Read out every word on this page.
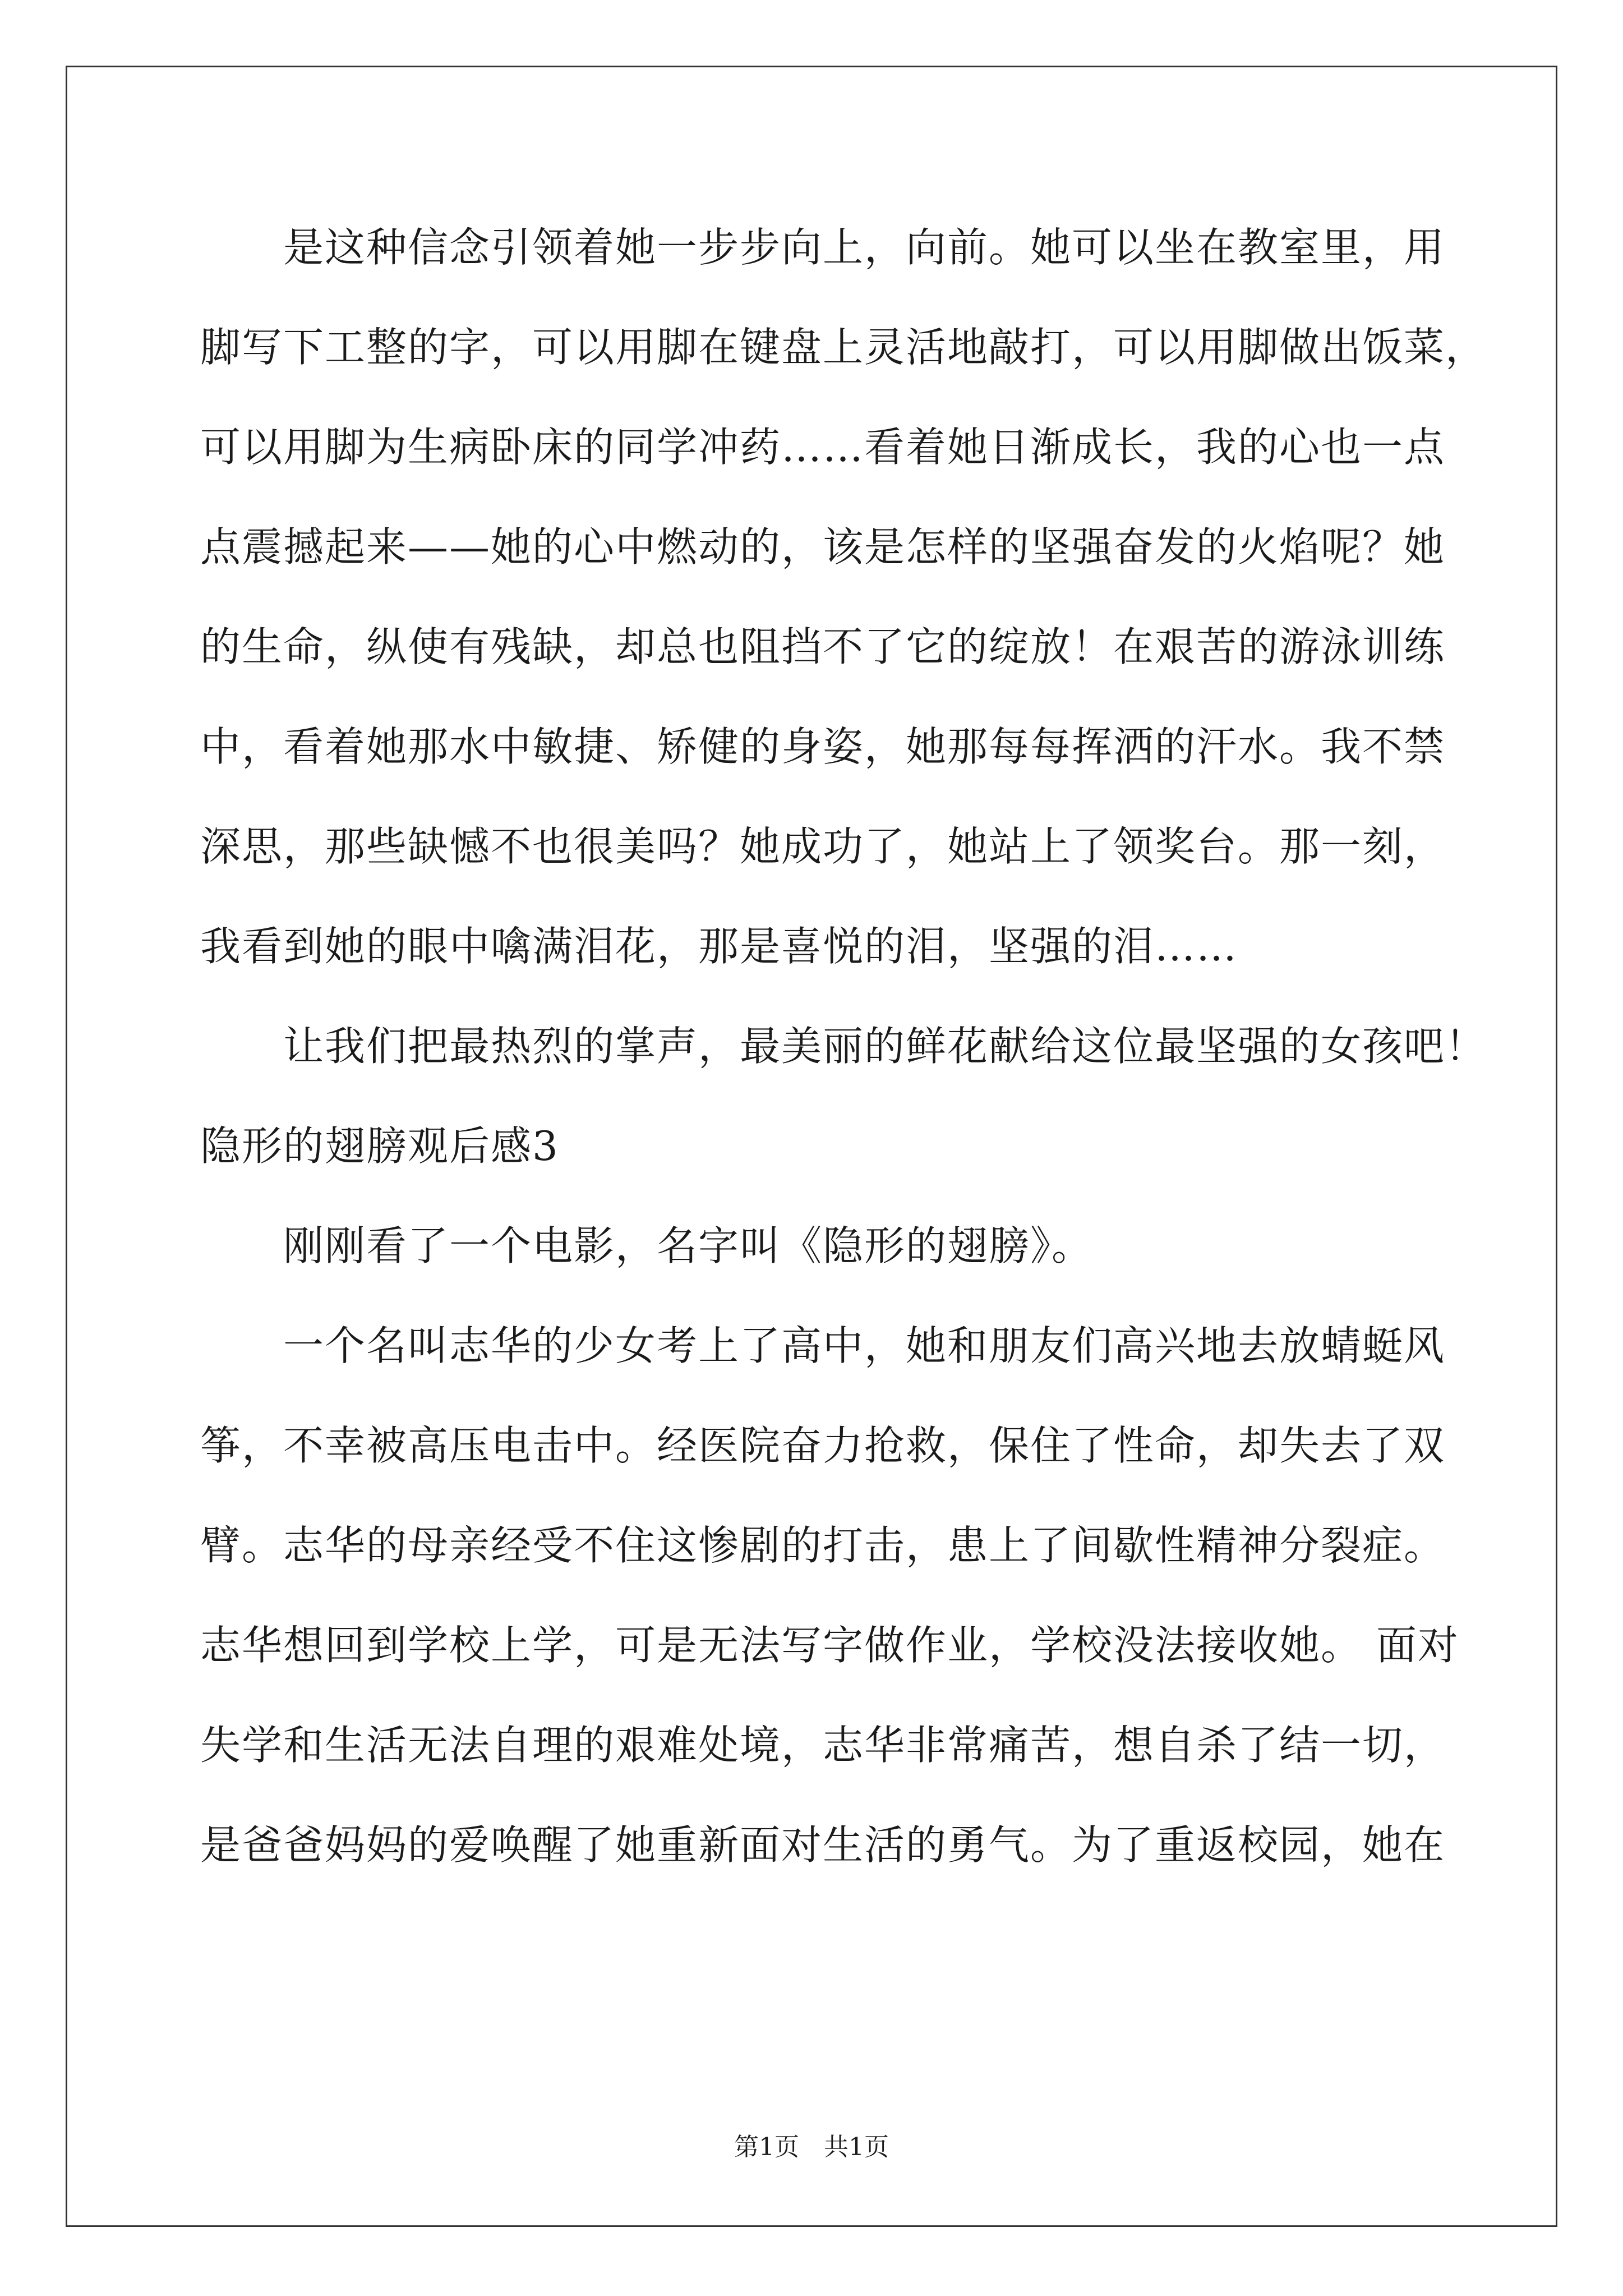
　　是这种信念引领着她一步步向上，向前。她可以坐在教室里，用
脚写下工整的字，可以用脚在键盘上灵活地敲打，可以用脚做出饭菜，
可以用脚为生病卧床的同学冲药……看着她日渐成长，我的心也一点
点震撼起来——她的心中燃动的，该是怎样的坚强奋发的火焰呢？她
的生命，纵使有残缺，却总也阻挡不了它的绽放！在艰苦的游泳训练
中，看着她那水中敏捷、矫健的身姿，她那每每挥洒的汗水。我不禁
深思，那些缺憾不也很美吗？她成功了，她站上了领奖台。那一刻，
我看到她的眼中噙满泪花，那是喜悦的泪，坚强的泪……
　　让我们把最热烈的掌声，最美丽的鲜花献给这位最坚强的女孩吧！
隐形的翅膀观后感3
　　刚刚看了一个电影，名字叫《隐形的翅膀》。
　　一个名叫志华的少女考上了高中，她和朋友们高兴地去放蜻蜓风
筝，不幸被高压电击中。经医院奋力抢救，保住了性命，却失去了双
臂。志华的母亲经受不住这惨剧的打击，患上了间歇性精神分裂症。
志华想回到学校上学，可是无法写字做作业，学校没法接收她。 面对
失学和生活无法自理的艰难处境，志华非常痛苦，想自杀了结一切，
是爸爸妈妈的爱唤醒了她重新面对生活的勇气。为了重返校园，她在
第1页　共1页
